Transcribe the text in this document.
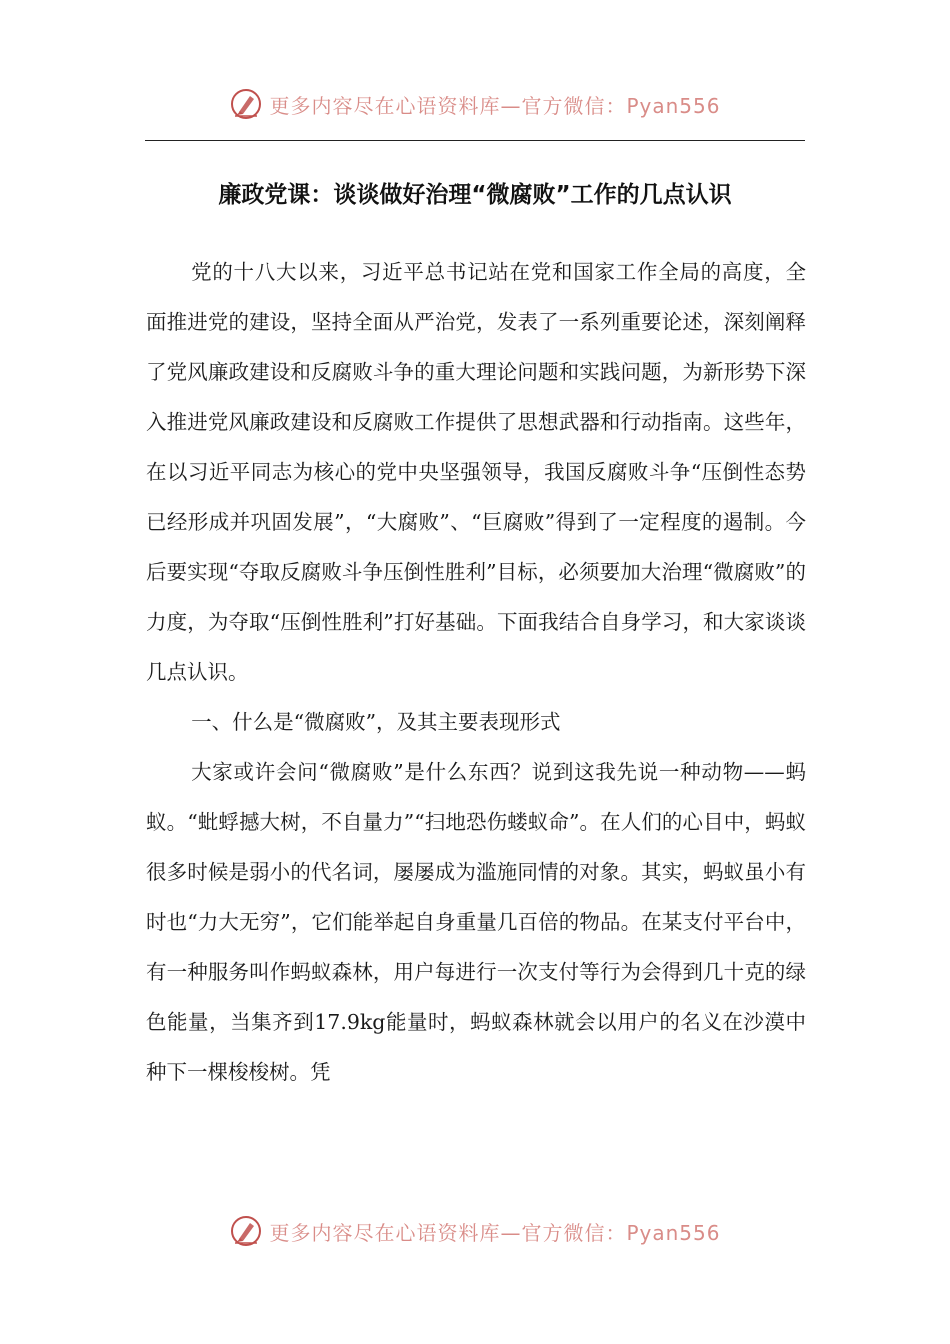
更多内容尽在心语资料库—官方微信：Pyan556
廉政党课：谈谈做好治理“微腐败”工作的几点认识

党的十八大以来，习近平总书记站在党和国家工作全局的高度，全面推进党的建设，坚持全面从严治党，发表了一系列重要论述，深刻阐释了党风廉政建设和反腐败斗争的重大理论问题和实践问题，为新形势下深入推进党风廉政建设和反腐败工作提供了思想武器和行动指南。这些年，在以习近平同志为核心的党中央坚强领导，我国反腐败斗争“压倒性态势已经形成并巩固发展”，“大腐败”、“巨腐败”得到了一定程度的遏制。今后要实现“夺取反腐败斗争压倒性胜利”目标，必须要加大治理“微腐败”的力度，为夺取“压倒性胜利”打好基础。下面我结合自身学习，和大家谈谈几点认识。

一、什么是“微腐败”，及其主要表现形式

大家或许会问“微腐败”是什么东西？说到这我先说一种动物——蚂蚁。“蚍蜉撼大树，不自量力”“扫地恐伤蝼蚁命”。在人们的心目中，蚂蚁很多时候是弱小的代名词，屡屡成为滥施同情的对象。其实，蚂蚁虽小有时也“力大无穷”，它们能举起自身重量几百倍的物品。在某支付平台中，有一种服务叫作蚂蚁森林，用户每进行一次支付等行为会得到几十克的绿色能量，当集齐到17.9kg能量时，蚂蚁森林就会以用户的名义在沙漠中种下一棵梭梭树。凭

更多内容尽在心语资料库—官方微信：Pyan556
